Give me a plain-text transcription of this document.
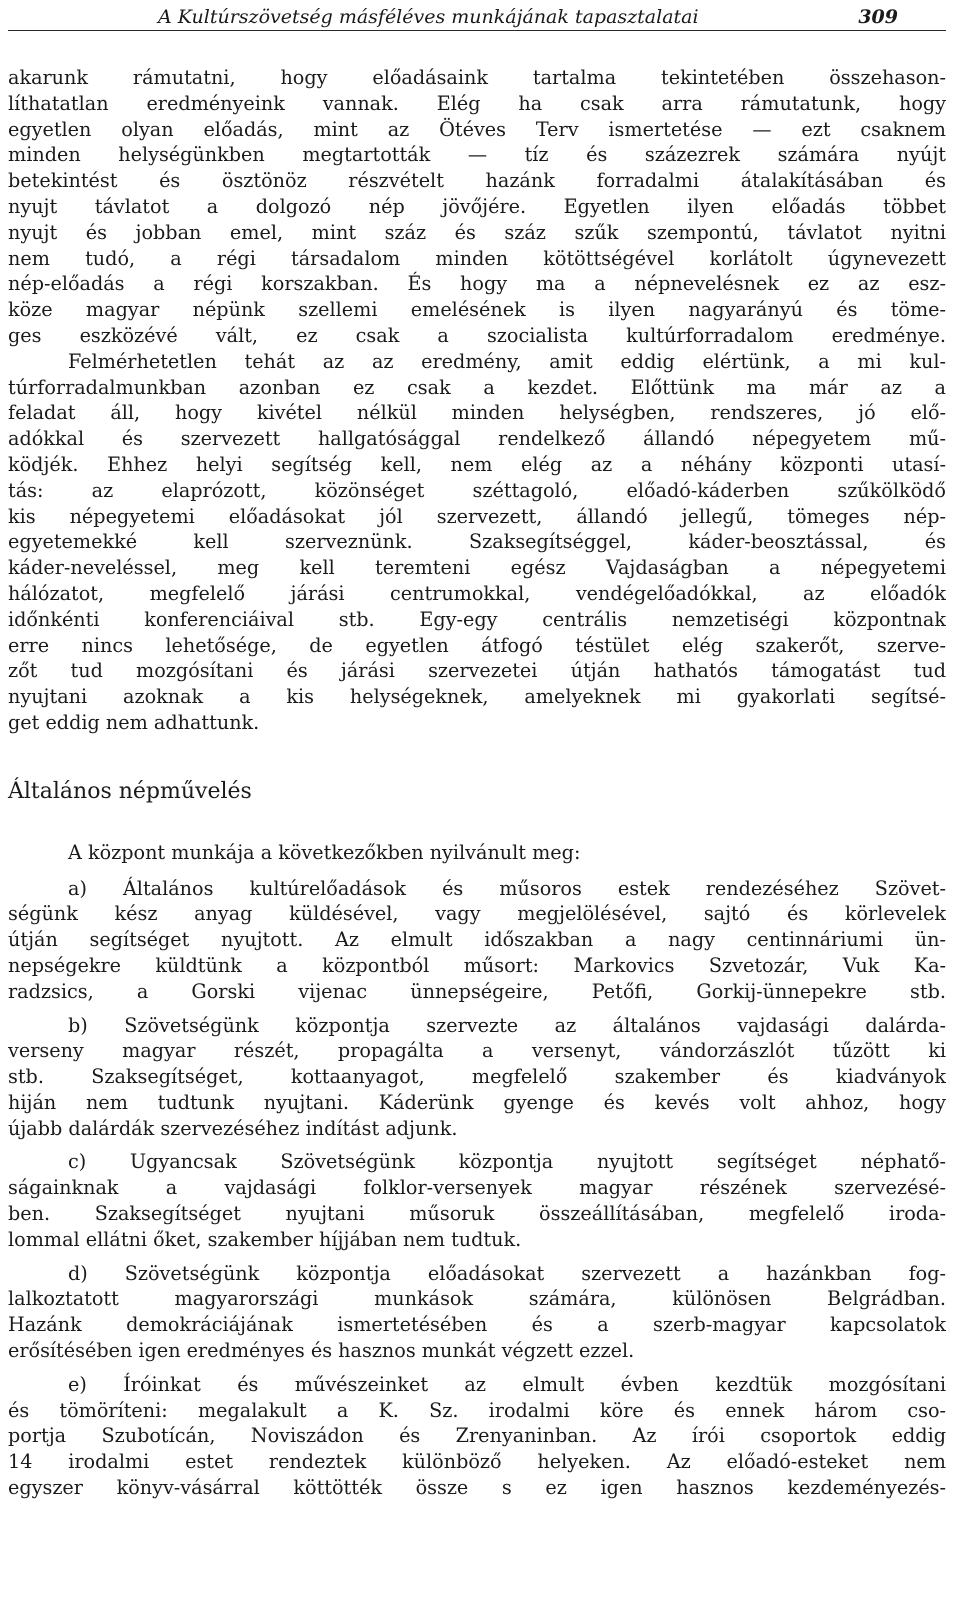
A Kultúrszövetség másféléves munkájának tapasztalatai	309
akarunk rámutatni, hogy előadásaink tartalma tekintetében összehason-
líthatatlan eredményeink vannak. Elég ha csak arra rámutatunk, hogy
egyetlen olyan előadás, mint az Ötéves Terv ismertetése — ezt csaknem
minden helységünkben megtartották — tíz és százezrek számára nyújt
betekintést és ösztönöz részvételt hazánk forradalmi átalakításában és
nyujt távlatot a dolgozó nép jövőjére. Egyetlen ilyen előadás többet
nyujt és jobban emel, mint száz és száz szűk szempontú, távlatot nyitni
nem tudó, a régi társadalom minden kötöttségével korlátolt úgynevezett
nép-előadás a régi korszakban. És hogy ma a népnevelésnek ez az esz-
köze magyar népünk szellemi emelésének is ilyen nagyarányú és töme-
ges eszközévé vált, ez csak a szocialista kultúrforradalom eredménye.
Felmérhetetlen tehát az az eredmény, amit eddig elértünk, a mi kul-
túrforradalmunkban azonban ez csak a kezdet. Előttünk ma már az a
feladat áll, hogy kivétel nélkül minden helységben, rendszeres, jó elő-
adókkal és szervezett hallgatósággal rendelkező állandó népegyetem mű-
ködjék. Ehhez helyi segítség kell, nem elég az a néhány központi utasí-
tás: az elaprózott, közönséget széttagoló, előadó-káderben szűkölködő
kis népegyetemi előadásokat jól szervezett, állandó jellegű, tömeges nép-
egyetemekké kell szerveznünk. Szaksegítséggel, káder-beosztással, és
káder-neveléssel, meg kell teremteni egész Vajdaságban a népegyetemi
hálózatot, megfelelő járási centrumokkal, vendégelőadókkal, az előadók
időnkénti konferenciáival stb. Egy-egy centrális nemzetiségi központnak
erre nincs lehetősége, de egyetlen átfogó téstület elég szakerőt, szerve-
zőt tud mozgósítani és járási szervezetei útján hathatós támogatást tud
nyujtani azoknak a kis helységeknek, amelyeknek mi gyakorlati segítsé-
get eddig nem adhattunk.
Általános népművelés
A központ munkája a következőkben nyilvánult meg:
a) Általános kultúrelőadások és műsoros estek rendezéséhez Szövet-
ségünk kész anyag küldésével, vagy megjelölésével, sajtó és körlevelek
útján segítséget nyujtott. Az elmult időszakban a nagy centinnáriumi ün-
nepségekre küldtünk a központból műsort: Markovics Szvetozár, Vuk Ka-
radzsics, a Gorski vijenac ünnepségeire, Petőfi, Gorkij-ünnepekre stb.
b) Szövetségünk központja szervezte az általános vajdasági dalárda-
verseny magyar részét, propagálta a versenyt, vándorzászlót tűzött ki
stb. Szaksegítséget, kottaanyagot, megfelelő szakember és kiadványok
hiján nem tudtunk nyujtani. Káderünk gyenge és kevés volt ahhoz, hogy
újabb dalárdák szervezéséhez indítást adjunk.
c) Ugyancsak Szövetségünk központja nyujtott segítséget néphatő-
ságainknak a vajdasági folklor-versenyek magyar részének szervezésé-
ben. Szaksegítséget nyujtani műsoruk összeállításában, megfelelő iroda-
lommal ellátni őket, szakember híjjában nem tudtuk.
d) Szövetségünk központja előadásokat szervezett a hazánkban fog-
lalkoztatott magyarországi munkások számára, különösen Belgrádban.
Hazánk demokráciájának ismertetésében és a szerb-magyar kapcsolatok
erősítésében igen eredményes és hasznos munkát végzett ezzel.
e) Íróinkat és művészeinket az elmult évben kezdtük mozgósítani
és tömöríteni: megalakult a K. Sz. irodalmi köre és ennek három cso-
portja Szubotícán, Noviszádon és Zrenyaninban. Az írói csoportok eddig
14 irodalmi estet rendeztek különböző helyeken. Az előadó-esteket nem
egyszer könyv-vásárral köttötték össze s ez igen hasznos kezdeményezés-
